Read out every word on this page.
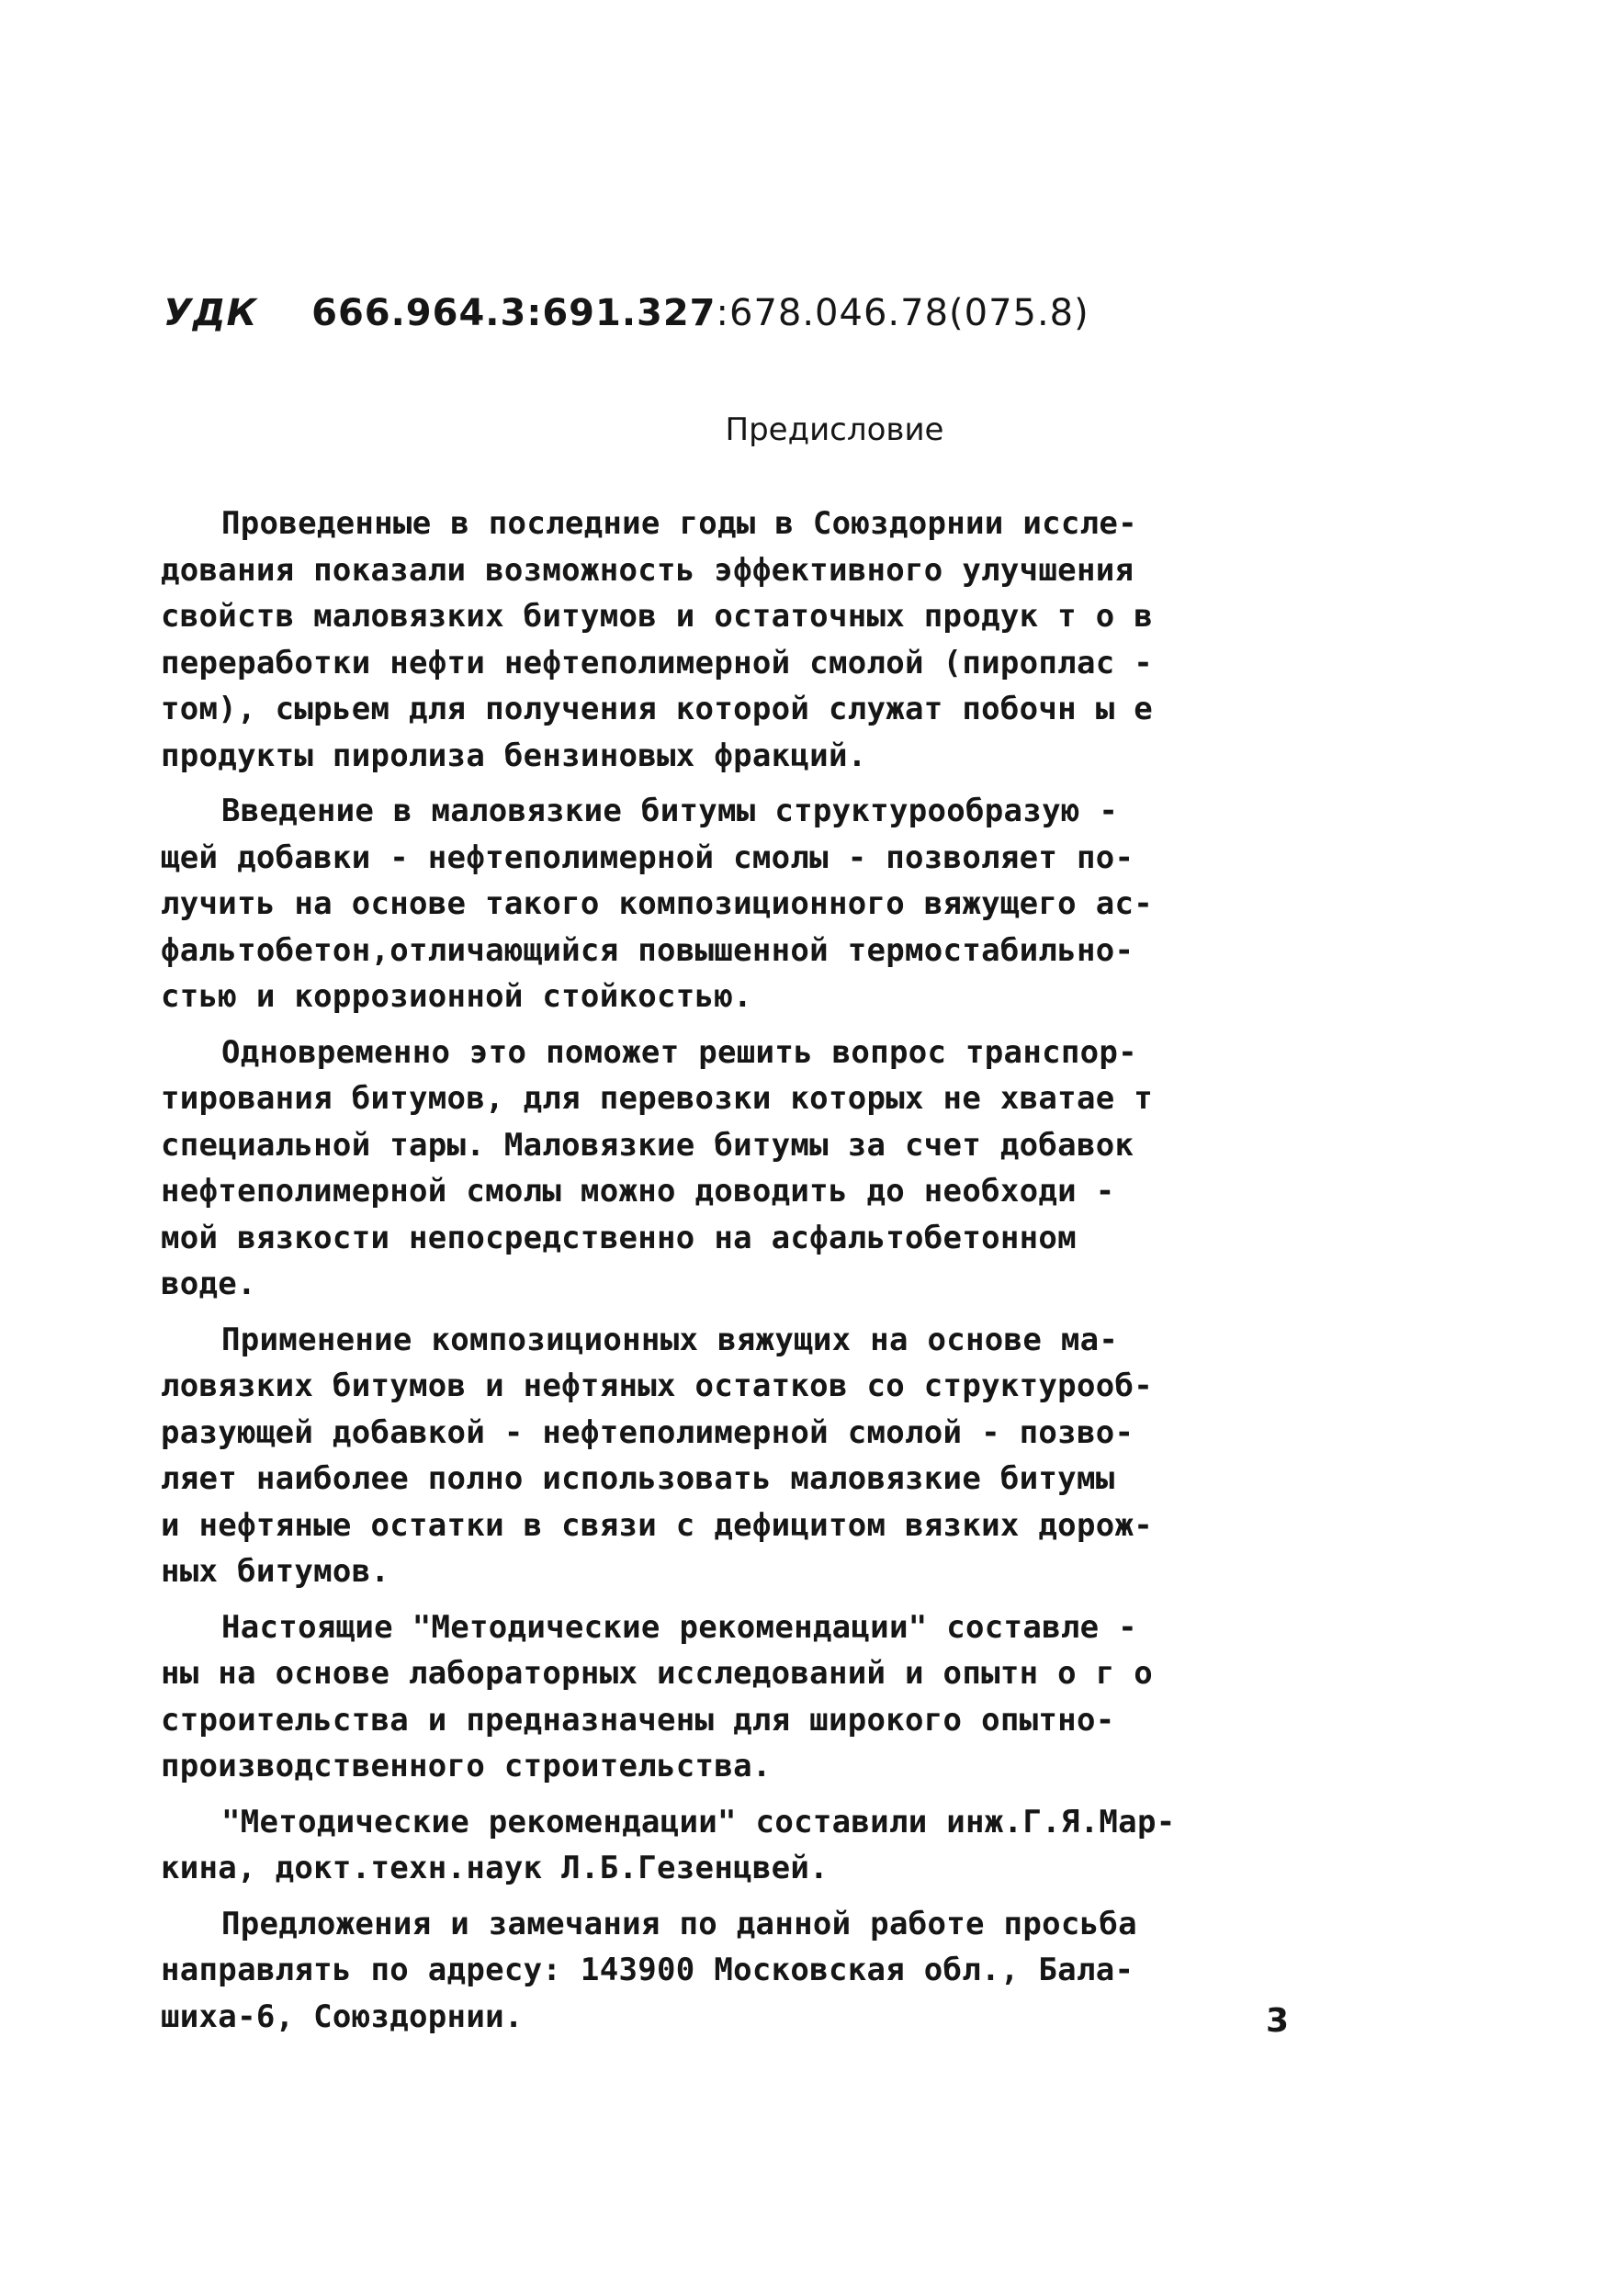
УДК 666.964.3:691.327:678.046.78(075.8)
Предисловие
Проведенные в последние годы в Союздорнии иссле-
дования показали возможность эффективного улучшения
свойств маловязких битумов и остаточных продук т о в
переработки нефти нефтеполимерной смолой (пироплас -
том), сырьем для получения которой служат побочн ы е
продукты пиролиза бензиновых фракций.
Введение в маловязкие битумы структурообразую -
щей добавки - нефтеполимерной смолы - позволяет по-
лучить на основе такого композиционного вяжущего ас-
фальтобетон,отличающийся повышенной термостабильно-
стью и коррозионной стойкостью.
Одновременно это поможет решить вопрос транспор-
тирования битумов, для перевозки которых не хватае т
специальной тары. Маловязкие битумы за счет добавок
нефтеполимерной смолы можно доводить до необходи -
мой вязкости непосредственно на асфальтобетонном
воде.
Применение композиционных вяжущих на основе ма-
ловязких битумов и нефтяных остатков со структурооб-
разующей добавкой - нефтеполимерной смолой - позво-
ляет наиболее полно использовать маловязкие битумы
и нефтяные остатки в связи с дефицитом вязких дорож-
ных битумов.
Настоящие "Методические рекомендации" составле -
ны на основе лабораторных исследований и опытн о г о
строительства и предназначены для широкого опытно-
производственного строительства.
"Методические рекомендации" составили инж.Г.Я.Мар-
кина, докт.техн.наук Л.Б.Гезенцвей.
Предложения и замечания по данной работе просьба
направлять по адресу: 143900 Московская обл., Бала-
шиха-6, Союздорнии.	3
